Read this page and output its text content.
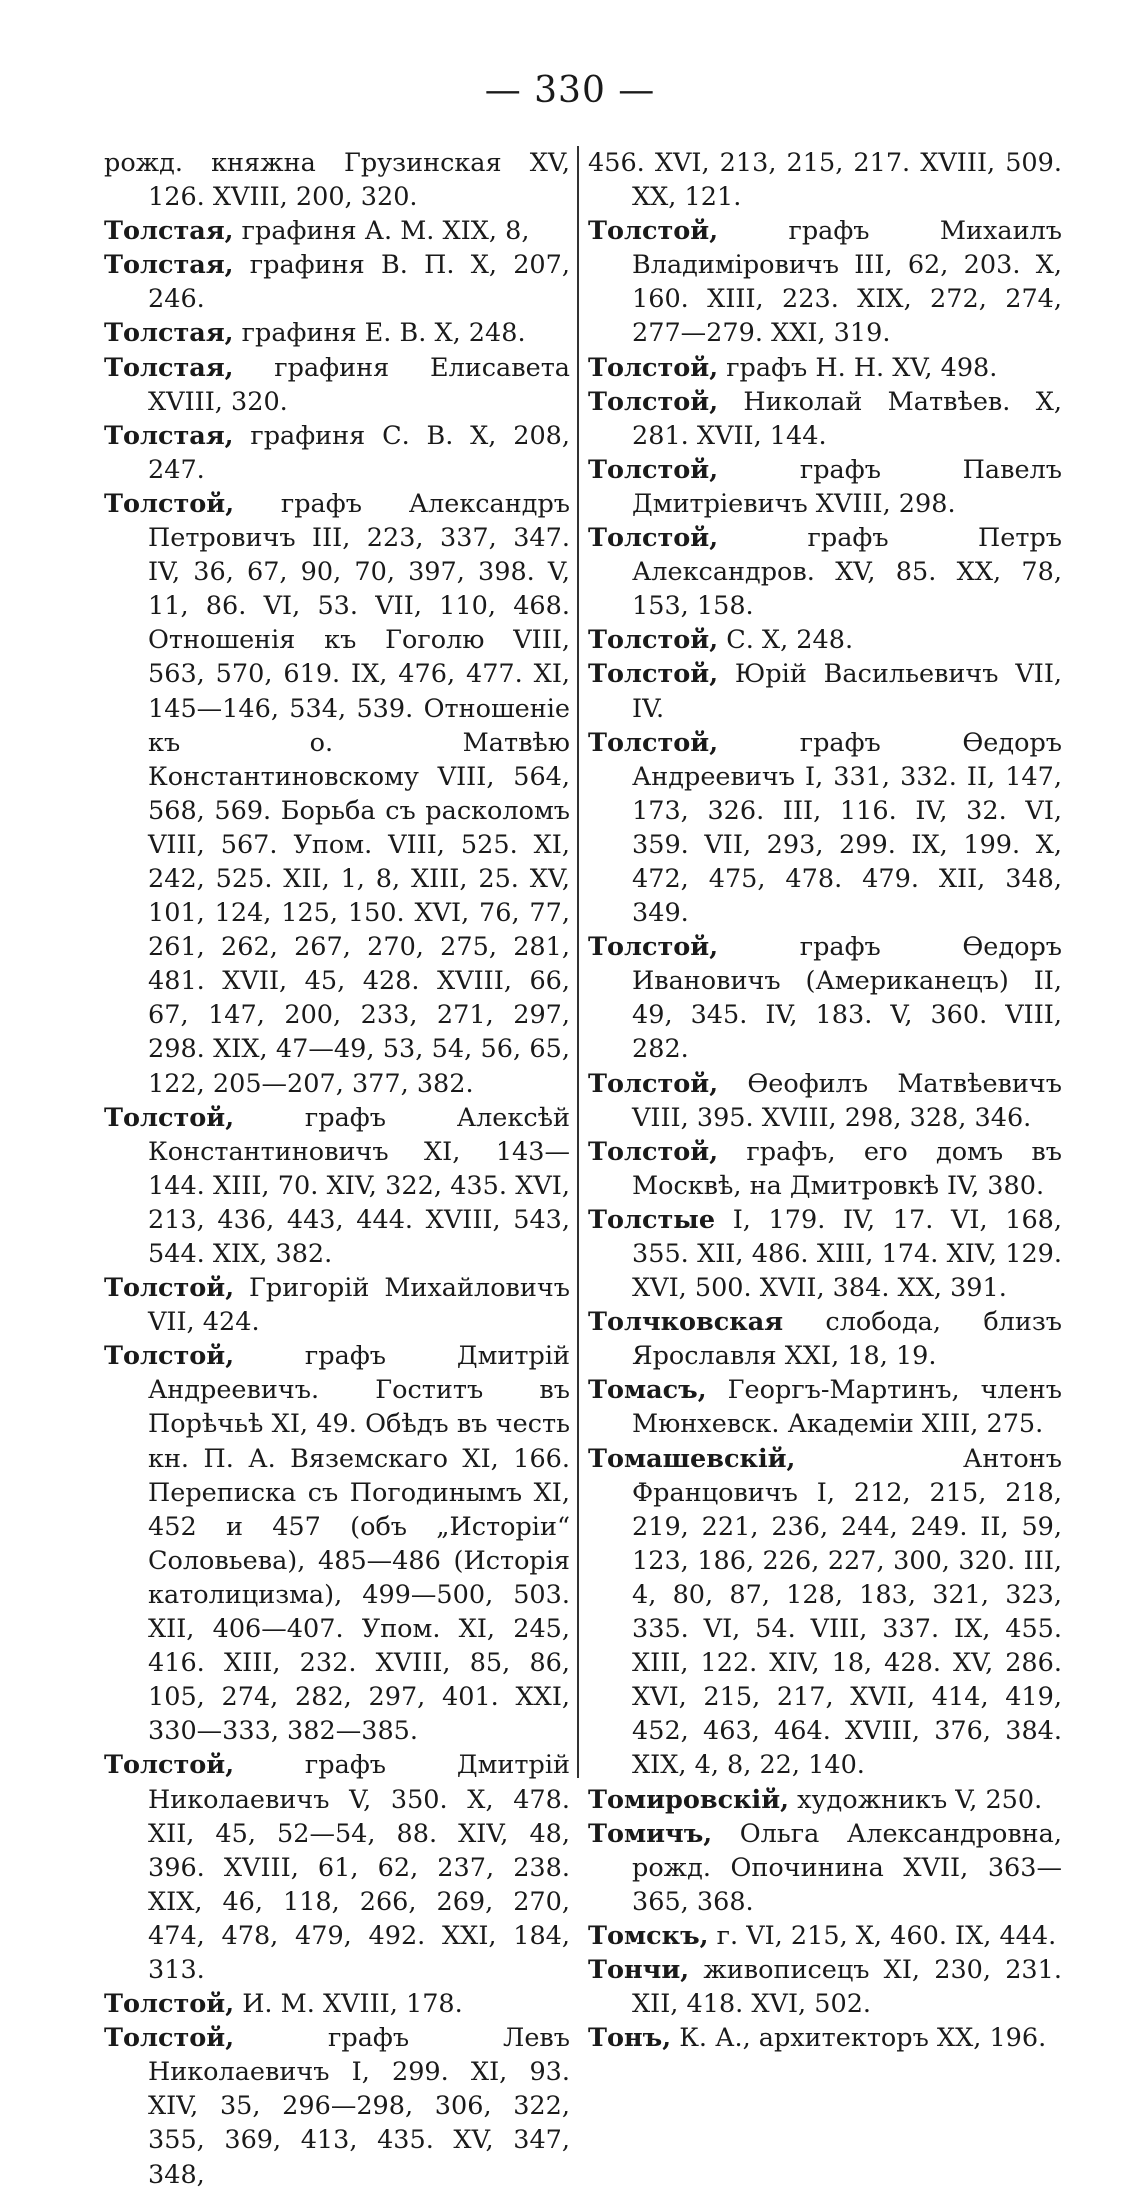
— 330 —

рожд. княжна Грузинская XV, 126. XVIII, 200, 320.

Толстая, графиня А. М. XIX, 8,

Толстая, графиня В. П. X, 207, 246.

Толстая, графиня Е. В. X, 248.

Толстая, графиня Елисавета XVIII, 320.

Толстая, графиня С. В. X, 208, 247.

Толстой, графъ Александръ Петровичъ III, 223, 337, 347. IV, 36, 67, 90, 70, 397, 398. V, 11, 86. VI, 53. VII, 110, 468. Отношенія къ Гоголю VIII, 563, 570, 619. IX, 476, 477. XI, 145—146, 534, 539. Отношеніе къ о. Матвѣю Константиновскому VIII, 564, 568, 569. Борьба съ расколомъ VIII, 567. Упом. VIII, 525. XI, 242, 525. XII, 1, 8, XIII, 25. XV, 101, 124, 125, 150. XVI, 76, 77, 261, 262, 267, 270, 275, 281, 481. XVII, 45, 428. XVIII, 66, 67, 147, 200, 233, 271, 297, 298. XIX, 47—49, 53, 54, 56, 65, 122, 205—207, 377, 382.

Толстой, графъ Алексѣй Константиновичъ XI, 143—144. XIII, 70. XIV, 322, 435. XVI, 213, 436, 443, 444. XVIII, 543, 544. XIX, 382.

Толстой, Григорій Михайловичъ VII, 424.

Толстой, графъ Дмитрій Андреевичъ. Гоститъ въ Порѣчьѣ XI, 49. Обѣдъ въ честь кн. П. А. Вяземскаго XI, 166. Переписка съ Погодинымъ XI, 452 и 457 (объ „Исторіи“ Соловьева), 485—486 (Исторія католицизма), 499—500, 503. XII, 406—407. Упом. XI, 245, 416. XIII, 232. XVIII, 85, 86, 105, 274, 282, 297, 401. XXI, 330—333, 382—385.

Толстой, графъ Дмитрій Николаевичъ V, 350. X, 478. XII, 45, 52—54, 88. XIV, 48, 396. XVIII, 61, 62, 237, 238. XIX, 46, 118, 266, 269, 270, 474, 478, 479, 492. XXI, 184, 313.

Толстой, И. М. XVIII, 178.

Толстой, графъ Левъ Николаевичъ I, 299. XI, 93. XIV, 35, 296—298, 306, 322, 355, 369, 413, 435. XV, 347, 348,

456. XVI, 213, 215, 217. XVIII, 509. XX, 121.

Толстой, графъ Михаилъ Владиміровичъ III, 62, 203. X, 160. XIII, 223. XIX, 272, 274, 277—279. XXI, 319.

Толстой, графъ Н. Н. XV, 498.

Толстой, Николай Матвѣев. X, 281. XVII, 144.

Толстой, графъ Павелъ Дмитріевичъ XVIII, 298.

Толстой, графъ Петръ Александров. XV, 85. XX, 78, 153, 158.

Толстой, С. X, 248.

Толстой, Юрій Васильевичъ VII, IV.

Толстой, графъ Ѳедоръ Андреевичъ I, 331, 332. II, 147, 173, 326. III, 116. IV, 32. VI, 359. VII, 293, 299. IX, 199. X, 472, 475, 478. 479. XII, 348, 349.

Толстой, графъ Ѳедоръ Ивановичъ (Американецъ) II, 49, 345. IV, 183. V, 360. VIII, 282.

Толстой, Ѳеофилъ Матвѣевичъ VIII, 395. XVIII, 298, 328, 346.

Толстой, графъ, его домъ въ Москвѣ, на Дмитровкѣ IV, 380.

Толстые I, 179. IV, 17. VI, 168, 355. XII, 486. XIII, 174. XIV, 129. XVI, 500. XVII, 384. XX, 391.

Толчковская слобода, близъ Ярославля XXI, 18, 19.

Томасъ, Георгъ-Мартинъ, членъ Мюнхевск. Академіи XIII, 275.

Томашевскій, Антонъ Францовичъ I, 212, 215, 218, 219, 221, 236, 244, 249. II, 59, 123, 186, 226, 227, 300, 320. III, 4, 80, 87, 128, 183, 321, 323, 335. VI, 54. VIII, 337. IX, 455. XIII, 122. XIV, 18, 428. XV, 286. XVI, 215, 217, XVII, 414, 419, 452, 463, 464. XVIII, 376, 384. XIX, 4, 8, 22, 140.

Томировскій, художникъ V, 250.

Томичъ, Ольга Александровна, рожд. Опочинина XVII, 363—365, 368.

Томскъ, г. VI, 215, X, 460. IX, 444.

Тончи, живописецъ XI, 230, 231. XII, 418. XVI, 502.

Тонъ, К. А., архитекторъ XX, 196.
